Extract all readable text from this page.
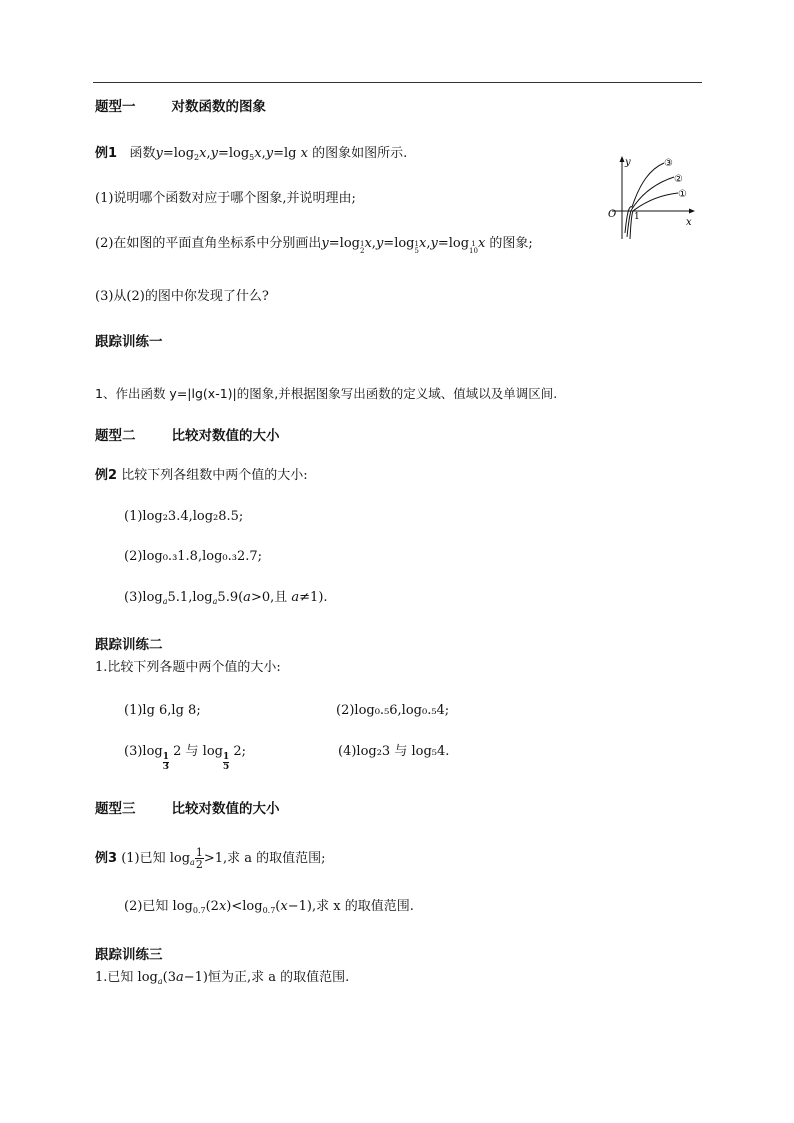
题型一	对数函数的图象
例1 函数$y=\log_2x,y=\log_5x,y=\lg$ x 的图象如图所示.
(1)说明哪个函数对应于哪个图象,并说明理由;
(2)在如图的平面直角坐标系中分别画出y=log 1
2 x,y=log 1
5 x,y=log 1
10 x 的图象;
(3)从(2)的图中你发现了什么?
y
x
O 1
③
②
①
跟踪训练一
1、作出函数 y=|lg(x-1)|的图象,并根据图象写出函数的定义域、值域以及单调区间.
题型二	比较对数值的大小
例2 比较下列各组数中两个值的大小:
(1)log₂3.4,log₂8.5;
(2)log₀.₃1.8,log₀.₃2.7;
$(3)\log_a5.1,\log_a5.9(a>0$,且 a≠1).
跟踪训练二
1.比较下列各题中两个值的大小:
(1)lg 6,lg 8;	(2)log₀.₅6,log₀.₅4;
(3)log
$\frac{1}{3}$
2 与 log
$\frac{1}{5}$
2;	(4)log₂3 与 log₅4.
题型三	比较对数值的大小
例3 (1)已知 $\log_a \frac{1}{2} >1$,求 a 的取值范围;
(2)已知 $\log_{0.7}(2x)<\log_{0.7}(x-1)$,求 x 的取值范围.
跟踪训练三
1.已知 $\log_a(3a-1)$恒为正,求 a 的取值范围.
